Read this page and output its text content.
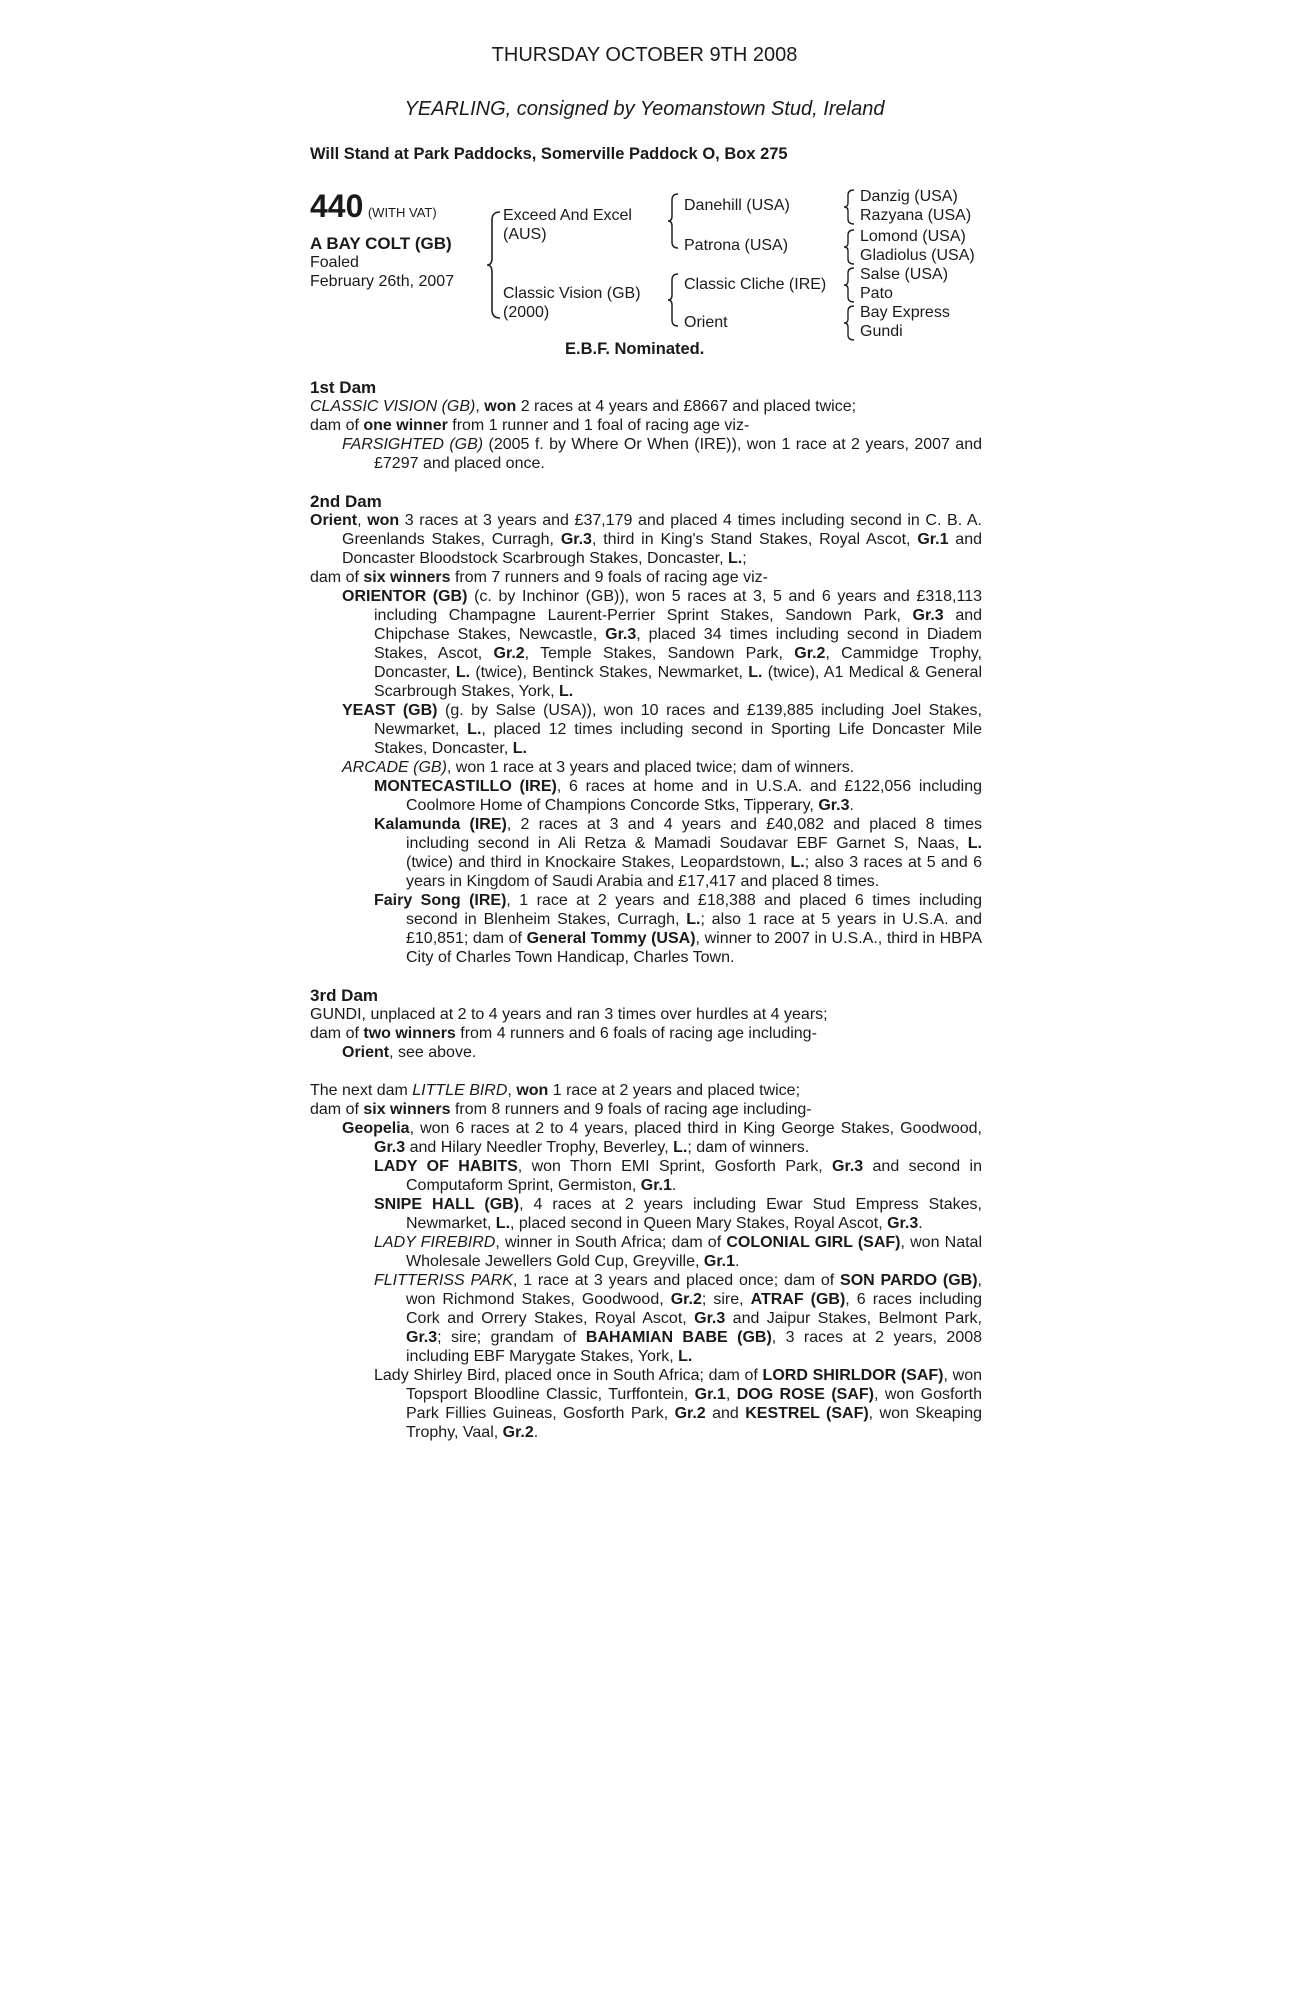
THURSDAY OCTOBER 9TH 2008
YEARLING, consigned by Yeomanstown Stud, Ireland
Will Stand at Park Paddocks, Somerville Paddock O, Box 275
440 (WITH VAT)
A BAY COLT (GB)
Foaled
February 26th, 2007
Exceed And Excel
(AUS)
Classic Vision (GB)
(2000)
Danehill (USA)
Patrona (USA)
Classic Cliche (IRE)
Orient
Danzig (USA)
Razyana (USA)
Lomond (USA)
Gladiolus (USA)
Salse (USA)
Pato
Bay Express
Gundi
E.B.F. Nominated.

1st Dam

CLASSIC VISION (GB), won 2 races at 4 years and £8667 and placed twice;

dam of one winner from 1 runner and 1 foal of racing age viz-

FARSIGHTED (GB) (2005 f. by Where Or When (IRE)), won 1 race at 2 years, 2007 and £7297 and placed once.

2nd Dam

Orient, won 3 races at 3 years and £37,179 and placed 4 times including second in C. B. A. Greenlands Stakes, Curragh, Gr.3, third in King's Stand Stakes, Royal Ascot, Gr.1 and Doncaster Bloodstock Scarbrough Stakes, Doncaster, L.;

dam of six winners from 7 runners and 9 foals of racing age viz-

ORIENTOR (GB) (c. by Inchinor (GB)), won 5 races at 3, 5 and 6 years and £318,113 including Champagne Laurent-Perrier Sprint Stakes, Sandown Park, Gr.3 and Chipchase Stakes, Newcastle, Gr.3, placed 34 times including second in Diadem Stakes, Ascot, Gr.2, Temple Stakes, Sandown Park, Gr.2, Cammidge Trophy, Doncaster, L. (twice), Bentinck Stakes, Newmarket, L. (twice), A1 Medical & General Scarbrough Stakes, York, L.

YEAST (GB) (g. by Salse (USA)), won 10 races and £139,885 including Joel Stakes, Newmarket, L., placed 12 times including second in Sporting Life Doncaster Mile Stakes, Doncaster, L.

ARCADE (GB), won 1 race at 3 years and placed twice; dam of winners.

MONTECASTILLO (IRE), 6 races at home and in U.S.A. and £122,056 including Coolmore Home of Champions Concorde Stks, Tipperary, Gr.3.

Kalamunda (IRE), 2 races at 3 and 4 years and £40,082 and placed 8 times including second in Ali Retza & Mamadi Soudavar EBF Garnet S, Naas, L. (twice) and third in Knockaire Stakes, Leopardstown, L.; also 3 races at 5 and 6 years in Kingdom of Saudi Arabia and £17,417 and placed 8 times.

Fairy Song (IRE), 1 race at 2 years and £18,388 and placed 6 times including second in Blenheim Stakes, Curragh, L.; also 1 race at 5 years in U.S.A. and £10,851; dam of General Tommy (USA), winner to 2007 in U.S.A., third in HBPA City of Charles Town Handicap, Charles Town.

3rd Dam

GUNDI, unplaced at 2 to 4 years and ran 3 times over hurdles at 4 years;

dam of two winners from 4 runners and 6 foals of racing age including-

Orient, see above.

The next dam LITTLE BIRD, won 1 race at 2 years and placed twice;

dam of six winners from 8 runners and 9 foals of racing age including-

Geopelia, won 6 races at 2 to 4 years, placed third in King George Stakes, Goodwood, Gr.3 and Hilary Needler Trophy, Beverley, L.; dam of winners.

LADY OF HABITS, won Thorn EMI Sprint, Gosforth Park, Gr.3 and second in Computaform Sprint, Germiston, Gr.1.

SNIPE HALL (GB), 4 races at 2 years including Ewar Stud Empress Stakes, Newmarket, L., placed second in Queen Mary Stakes, Royal Ascot, Gr.3.

LADY FIREBIRD, winner in South Africa; dam of COLONIAL GIRL (SAF), won Natal Wholesale Jewellers Gold Cup, Greyville, Gr.1.

FLITTERISS PARK, 1 race at 3 years and placed once; dam of SON PARDO (GB), won Richmond Stakes, Goodwood, Gr.2; sire, ATRAF (GB), 6 races including Cork and Orrery Stakes, Royal Ascot, Gr.3 and Jaipur Stakes, Belmont Park, Gr.3; sire; grandam of BAHAMIAN BABE (GB), 3 races at 2 years, 2008 including EBF Marygate Stakes, York, L.

Lady Shirley Bird, placed once in South Africa; dam of LORD SHIRLDOR (SAF), won Topsport Bloodline Classic, Turffontein, Gr.1, DOG ROSE (SAF), won Gosforth Park Fillies Guineas, Gosforth Park, Gr.2 and KESTREL (SAF), won Skeaping Trophy, Vaal, Gr.2.
